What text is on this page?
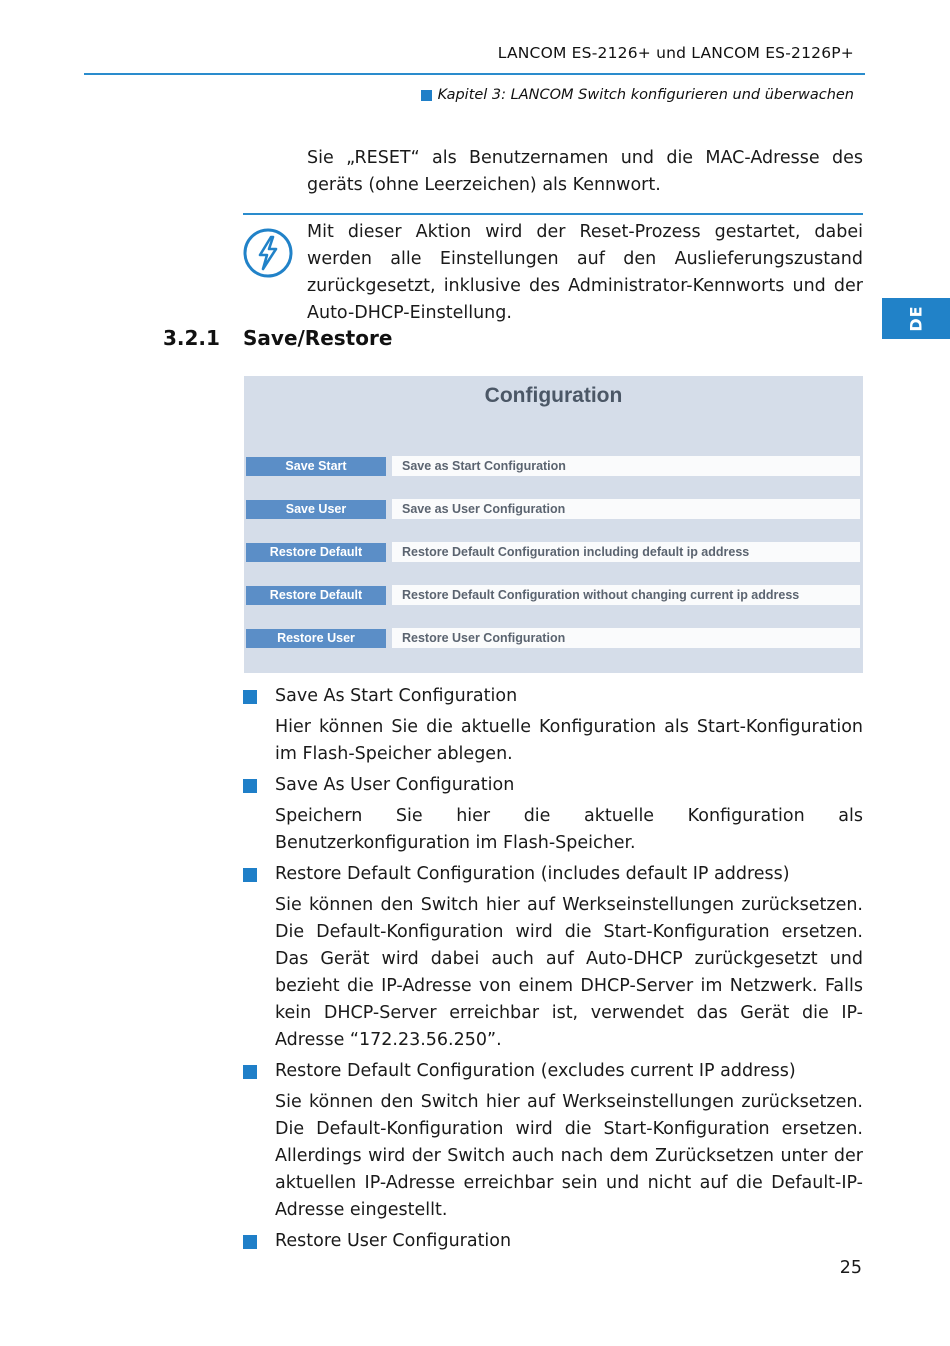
LANCOM ES-2126+ und LANCOM ES-2126P+
Kapitel 3: LANCOM Switch konfigurieren und überwachen

Sie „RESET“ als Benutzernamen und die MAC-Adresse des geräts (ohne Leerzeichen) als Kennwort.

Mit dieser Aktion wird der Reset-Prozess gestartet, dabei werden alle Einstellungen auf den Auslieferungszustand zurückgesetzt, inklusive des Administrator-Kennworts und der Auto-DHCP-Einstellung.	DE
3.2.1 Save/Restore
Configuration
Save Start	Save as Start Configuration
Save User	Save as User Configuration
Restore Default	Restore Default Configuration including default ip address
Restore Default	Restore Default Configuration without changing current ip address
Restore User	Restore User Configuration
Save As Start Configuration
Hier können Sie die aktuelle Konfiguration als Start-Konfiguration im Flash-Speicher ablegen.
Save As User Configuration
Speichern Sie hier die aktuelle Konfiguration als Benutzerkonfiguration im Flash-Speicher.
Restore Default Configuration (includes default IP address)
Sie können den Switch hier auf Werkseinstellungen zurücksetzen. Die Default-Konfiguration wird die Start-Konfiguration ersetzen. Das Gerät wird dabei auch auf Auto-DHCP zurückgesetzt und bezieht die IP-Adresse von einem DHCP-Server im Netzwerk. Falls kein DHCP-Server erreichbar ist, verwendet das Gerät die IP-Adresse “172.23.56.250”.
Restore Default Configuration (excludes current IP address)
Sie können den Switch hier auf Werkseinstellungen zurücksetzen. Die Default-Konfiguration wird die Start-Konfiguration ersetzen. Allerdings wird der Switch auch nach dem Zurücksetzen unter der aktuellen IP-Adresse erreichbar sein und nicht auf die Default-IP-Adresse eingestellt.
Restore User Configuration
25
